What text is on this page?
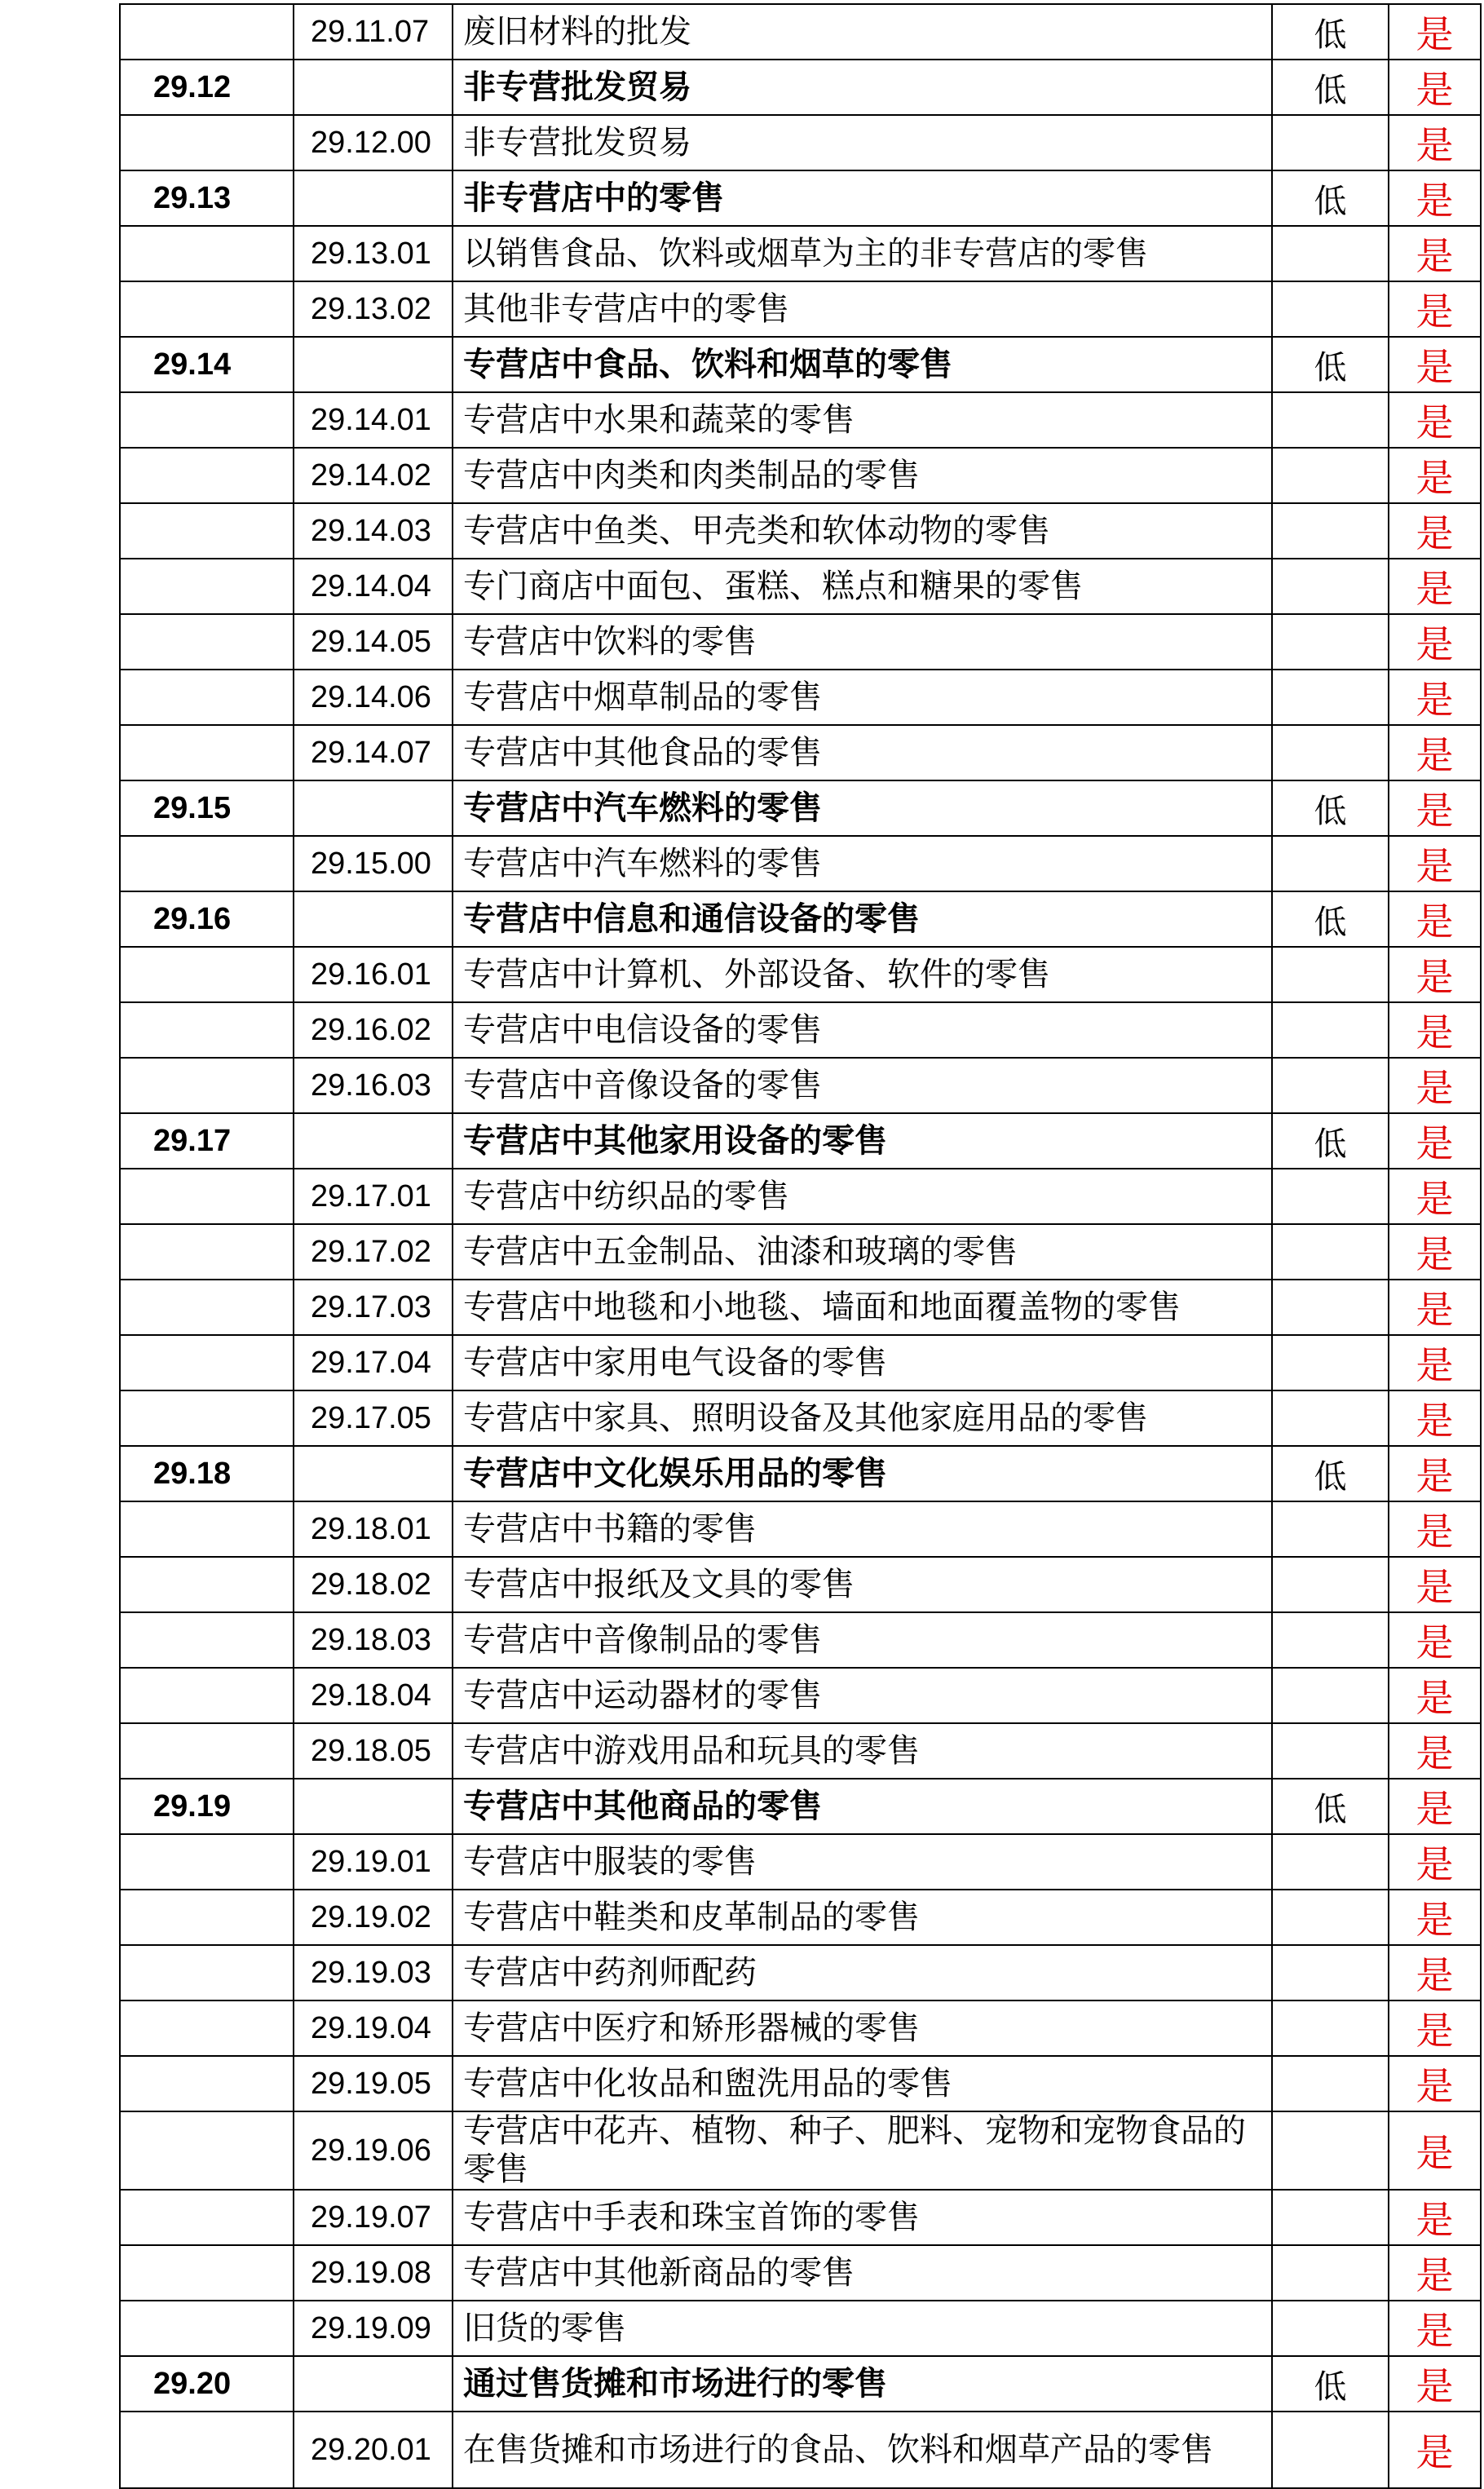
	29.11.07	废旧材料的批发	低	是
29.12		非专营批发贸易	低	是
	29.12.00	非专营批发贸易		是
29.13		非专营店中的零售	低	是
	29.13.01	以销售食品、饮料或烟草为主的非专营店的零售		是
	29.13.02	其他非专营店中的零售		是
29.14		专营店中食品、饮料和烟草的零售	低	是
	29.14.01	专营店中水果和蔬菜的零售		是
	29.14.02	专营店中肉类和肉类制品的零售		是
	29.14.03	专营店中鱼类、甲壳类和软体动物的零售		是
	29.14.04	专门商店中面包、蛋糕、糕点和糖果的零售		是
	29.14.05	专营店中饮料的零售		是
	29.14.06	专营店中烟草制品的零售		是
	29.14.07	专营店中其他食品的零售		是
29.15		专营店中汽车燃料的零售	低	是
	29.15.00	专营店中汽车燃料的零售		是
29.16		专营店中信息和通信设备的零售	低	是
	29.16.01	专营店中计算机、外部设备、软件的零售		是
	29.16.02	专营店中电信设备的零售		是
	29.16.03	专营店中音像设备的零售		是
29.17		专营店中其他家用设备的零售	低	是
	29.17.01	专营店中纺织品的零售		是
	29.17.02	专营店中五金制品、油漆和玻璃的零售		是
	29.17.03	专营店中地毯和小地毯、墙面和地面覆盖物的零售		是
	29.17.04	专营店中家用电气设备的零售		是
	29.17.05	专营店中家具、照明设备及其他家庭用品的零售		是
29.18		专营店中文化娱乐用品的零售	低	是
	29.18.01	专营店中书籍的零售		是
	29.18.02	专营店中报纸及文具的零售		是
	29.18.03	专营店中音像制品的零售		是
	29.18.04	专营店中运动器材的零售		是
	29.18.05	专营店中游戏用品和玩具的零售		是
29.19		专营店中其他商品的零售	低	是
	29.19.01	专营店中服装的零售		是
	29.19.02	专营店中鞋类和皮革制品的零售		是
	29.19.03	专营店中药剂师配药		是
	29.19.04	专营店中医疗和矫形器械的零售		是
	29.19.05	专营店中化妆品和盥洗用品的零售		是
	29.19.06	专营店中花卉、植物、种子、肥料、宠物和宠物食品的零售		是
	29.19.07	专营店中手表和珠宝首饰的零售		是
	29.19.08	专营店中其他新商品的零售		是
	29.19.09	旧货的零售		是
29.20		通过售货摊和市场进行的零售	低	是
	29.20.01	在售货摊和市场进行的食品、饮料和烟草产品的零售		是
